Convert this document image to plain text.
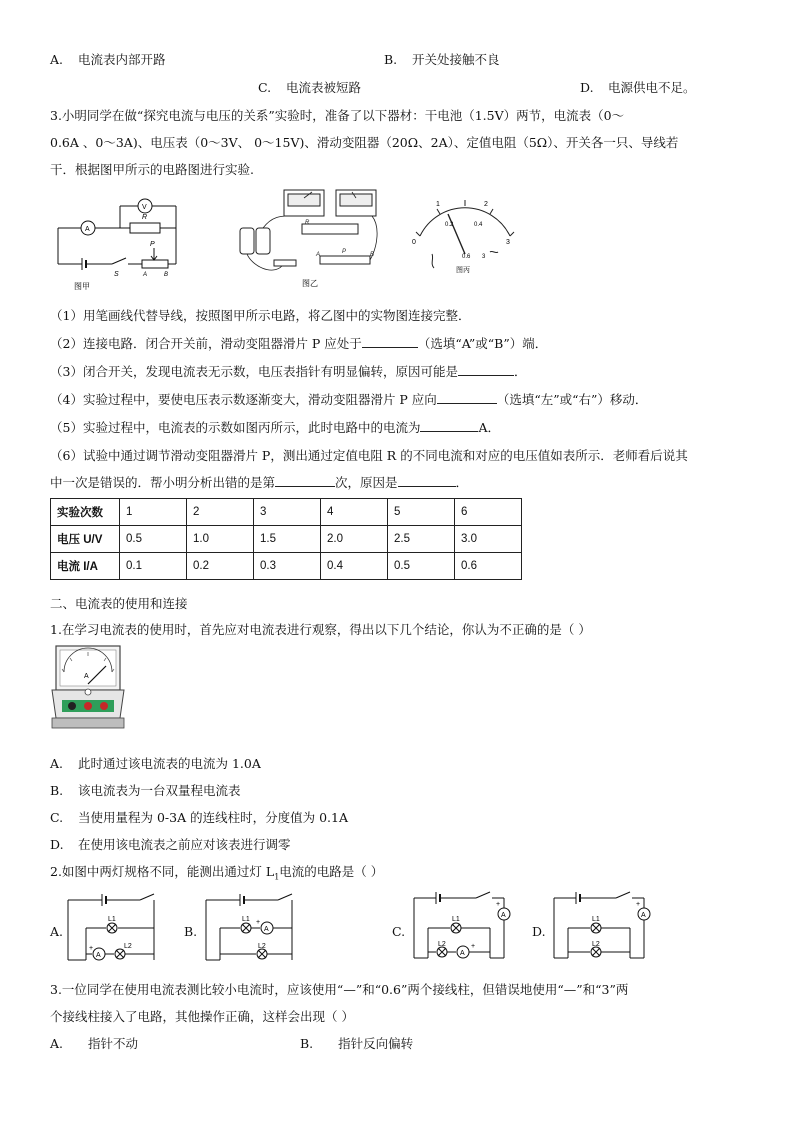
A. 电流表内部开路	B. 开关处接触不良
C. 电流表被短路	D. 电源供电不足。
3.小明同学在做“探究电流与电压的关系”实验时，准备了以下器材：干电池（1.5V）两节，电流表（0～
0.6A 、0～3A)、电压表（0～3V、 0～15V)、滑动变阻器（20Ω、2A）、定值电阻（5Ω）、开关各一只、导线若
干．根据图甲所示的电路图进行实验.
A
V
R
P
S	A	B
图甲
R
P
A	B
图乙
0
1	2
3
0.2	0.4
0.6 3
图丙
（1）用笔画线代替导线，按照图甲所示电路，将乙图中的实物图连接完整．
（2）连接电路．闭合开关前，滑动变阻器滑片 P 应处于	（选填“A”或“B”）端．
（3）闭合开关，发现电流表无示数，电压表指针有明显偏转，原因可能是	．
（4）实验过程中，要使电压表示数逐渐变大，滑动变阻器滑片 P 应向	（选填“左”或“右”）移动．
（5）实验过程中，电流表的示数如图丙所示，此时电路中的电流为	A．
（6）试验中通过调节滑动变阻器滑片 P，测出通过定值电阻 R 的不同电流和对应的电压值如表所示．老师看后说其
中一次是错误的．帮小明分析出错的是第	次，原因是	．
实验次数	1	2	3	4	5	6
电压 U/V	0.5	1.0	1.5	2.0	2.5	3.0
电流 I/A	0.1	0.2	0.3	0.4	0.5	0.6
二、电流表的使用和连接
1.在学习电流表的使用时，首先应对电流表进行观察，得出以下几个结论，你认为不正确的是（ ）
A
A. 此时通过该电流表的电流为 1.0A
B. 该电流表为一台双量程电流表
C. 当使用量程为 0-3A 的连线柱时，分度值为 0.1A
D. 在使用该电流表之前应对该表进行调零
2.如图中两灯规格不同，能测出通过灯 $L_1$电流的电路是（ ）
A.
A
L1
L2
+
B.	A
L1
L2
+
C.
A
A
L1
L2
+
+
D.
A
L1
L2
+
3.一位同学在使用电流表测比较小电流时，应该使用“—”和“0.6”两个接线柱，但错误地使用“—”和“3”两
个接线柱接入了电路，其他操作正确，这样会出现（ ）
A.　　指针不动	B.　　指针反向偏转
